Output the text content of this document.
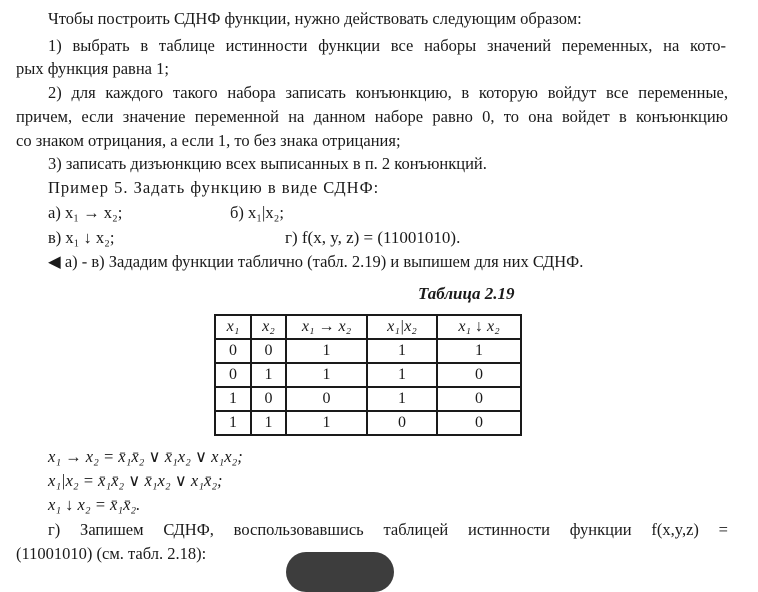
Чтобы построить СДНФ функции, нужно действовать следующим образом:
1) выбрать в таблице истинности функции все наборы значений переменных, на кото-
рых функция равна 1;
2) для каждого такого набора записать конъюнкцию, в которую войдут все переменные,
причем, если значение переменной на данном наборе равно 0, то она войдет в конъюнкцию
со знаком отрицания, а если 1, то без знака отрицания;
3) записать дизъюнкцию всех выписанных в п. 2 конъюнкций.
Пример 5. Задать функцию в виде СДНФ:
а) x₁ → x₂;	б) x₁|x₂;
в) x₁ ↓ x₂;	г) f(x, y, z) = (11001010).
◀ а) - в) Зададим функции таблично (табл. 2.19) и выпишем для них СДНФ.
Таблица 2.19
x₁	x₂	x₁ → x₂	x₁|x₂	x₁ ↓ x₂
0	0	1	1	1
0	1	1	1	0
1	0	0	1	0
1	1	1	0	0
x₁ → x₂ = x̄₁x̄₂ ∨ x̄₁x₂ ∨ x₁x₂;
x₁|x₂ = x̄₁x̄₂ ∨ x̄₁x₂ ∨ x₁x̄₂;
x₁ ↓ x₂ = x̄₁x̄₂.
г) Запишем СДНФ, воспользовавшись таблицей истинности функции f(x,y,z) =
(11001010) (см. табл. 2.18):
